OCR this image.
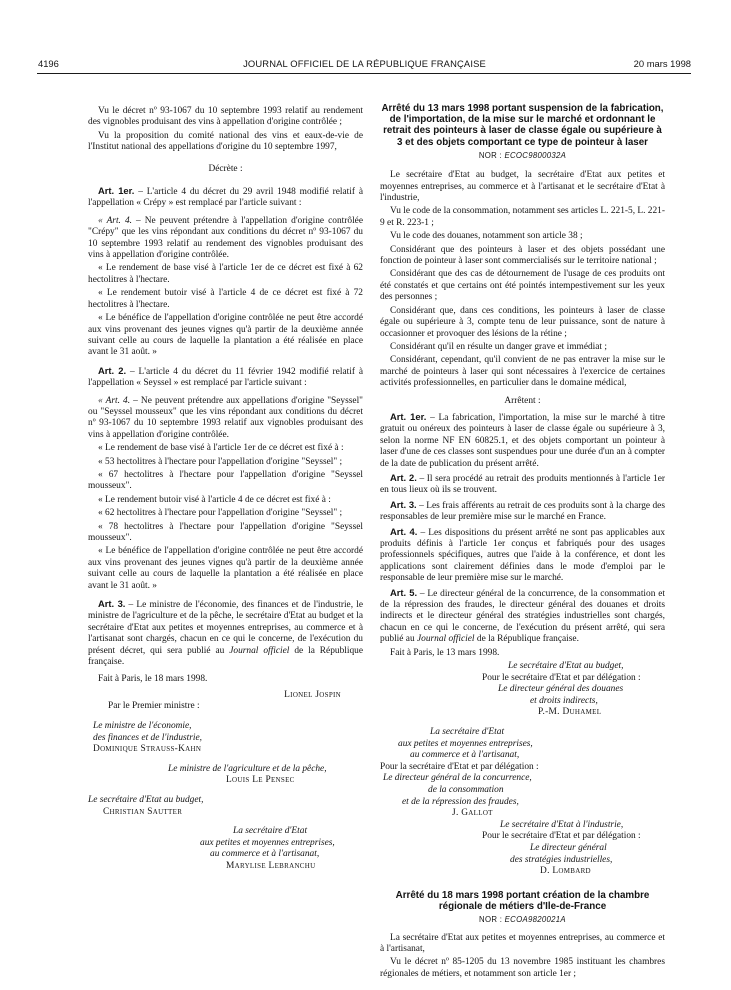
4196	JOURNAL OFFICIEL DE LA RÉPUBLIQUE FRANÇAISE	20 mars 1998

Vu le décret nº 93-1067 du 10 septembre 1993 relatif au rendement des vignobles produisant des vins à appellation d'origine contrôlée ;

Vu la proposition du comité national des vins et eaux-de-vie de l'Institut national des appellations d'origine du 10 septembre 1997,

Décrète :

Art. 1er. – L'article 4 du décret du 29 avril 1948 modifié relatif à l'appellation « Crépy » est remplacé par l'article suivant :

« Art. 4. – Ne peuvent prétendre à l'appellation d'origine contrôlée "Crépy" que les vins répondant aux conditions du décret nº 93-1067 du 10 septembre 1993 relatif au rendement des vignobles produisant des vins à appellation d'origine contrôlée.

« Le rendement de base visé à l'article 1er de ce décret est fixé à 62 hectolitres à l'hectare.

« Le rendement butoir visé à l'article 4 de ce décret est fixé à 72 hectolitres à l'hectare.

« Le bénéfice de l'appellation d'origine contrôlée ne peut être accordé aux vins provenant des jeunes vignes qu'à partir de la deuxième année suivant celle au cours de laquelle la plantation a été réalisée en place avant le 31 août. »

Art. 2. – L'article 4 du décret du 11 février 1942 modifié relatif à l'appellation « Seyssel » est remplacé par l'article suivant :

« Art. 4. – Ne peuvent prétendre aux appellations d'origine "Seyssel" ou "Seyssel mousseux" que les vins répondant aux conditions du décret nº 93-1067 du 10 septembre 1993 relatif aux vignobles produisant des vins à appellation d'origine contrôlée.

« Le rendement de base visé à l'article 1er de ce décret est fixé à :

« 53 hectolitres à l'hectare pour l'appellation d'origine "Seyssel" ;

« 67 hectolitres à l'hectare pour l'appellation d'origine "Seyssel mousseux".

« Le rendement butoir visé à l'article 4 de ce décret est fixé à :

« 62 hectolitres à l'hectare pour l'appellation d'origine "Seyssel" ;

« 78 hectolitres à l'hectare pour l'appellation d'origine "Seyssel mousseux".

« Le bénéfice de l'appellation d'origine contrôlée ne peut être accordé aux vins provenant des jeunes vignes qu'à partir de la deuxième année suivant celle au cours de laquelle la plantation a été réalisée en place avant le 31 août. »

Art. 3. – Le ministre de l'économie, des finances et de l'industrie, le ministre de l'agriculture et de la pêche, le secrétaire d'Etat au budget et la secrétaire d'Etat aux petites et moyennes entreprises, au commerce et à l'artisanat sont chargés, chacun en ce qui le concerne, de l'exécution du présent décret, qui sera publié au Journal officiel de la République française.

Fait à Paris, le 18 mars 1998.

Lionel Jospin

Par le Premier ministre :

Le ministre de l'économie,

des finances et de l'industrie,

Dominique Strauss-Kahn

Le ministre de l'agriculture et de la pêche,

Louis Le Pensec

Le secrétaire d'Etat au budget,

Christian Sautter

La secrétaire d'Etat

aux petites et moyennes entreprises,

au commerce et à l'artisanat,

Marylise Lebranchu

Arrêté du 13 mars 1998 portant suspension de la fabrication, de l'importation, de la mise sur le marché et ordonnant le retrait des pointeurs à laser de classe égale ou supérieure à 3 et des objets comportant ce type de pointeur à laser

NOR : ECOC9800032A

Le secrétaire d'Etat au budget, la secrétaire d'Etat aux petites et moyennes entreprises, au commerce et à l'artisanat et le secrétaire d'Etat à l'industrie,

Vu le code de la consommation, notamment ses articles L. 221-5, L. 221-9 et R. 223-1 ;

Vu le code des douanes, notamment son article 38 ;

Considérant que des pointeurs à laser et des objets possédant une fonction de pointeur à laser sont commercialisés sur le territoire national ;

Considérant que des cas de détournement de l'usage de ces produits ont été constatés et que certains ont été pointés intempestivement sur les yeux des personnes ;

Considérant que, dans ces conditions, les pointeurs à laser de classe égale ou supérieure à 3, compte tenu de leur puissance, sont de nature à occasionner et provoquer des lésions de la rétine ;

Considérant qu'il en résulte un danger grave et immédiat ;

Considérant, cependant, qu'il convient de ne pas entraver la mise sur le marché de pointeurs à laser qui sont nécessaires à l'exercice de certaines activités professionnelles, en particulier dans le domaine médical,

Arrêtent :

Art. 1er. – La fabrication, l'importation, la mise sur le marché à titre gratuit ou onéreux des pointeurs à laser de classe égale ou supérieure à 3, selon la norme NF EN 60825.1, et des objets comportant un pointeur à laser d'une de ces classes sont suspendues pour une durée d'un an à compter de la date de publication du présent arrêté.

Art. 2. – Il sera procédé au retrait des produits mentionnés à l'article 1er en tous lieux où ils se trouvent.

Art. 3. – Les frais afférents au retrait de ces produits sont à la charge des responsables de leur première mise sur le marché en France.

Art. 4. – Les dispositions du présent arrêté ne sont pas applicables aux produits définis à l'article 1er conçus et fabriqués pour des usages professionnels spécifiques, autres que l'aide à la conférence, et dont les applications sont clairement définies dans le mode d'emploi par le responsable de leur première mise sur le marché.

Art. 5. – Le directeur général de la concurrence, de la consommation et de la répression des fraudes, le directeur général des douanes et droits indirects et le directeur général des stratégies industrielles sont chargés, chacun en ce qui le concerne, de l'exécution du présent arrêté, qui sera publié au Journal officiel de la République française.

Fait à Paris, le 13 mars 1998.

Le secrétaire d'Etat au budget,

Pour le secrétaire d'Etat et par délégation :

Le directeur général des douanes

et droits indirects,

P.-M. Duhamel

La secrétaire d'Etat

aux petites et moyennes entreprises,

au commerce et à l'artisanat,

Pour la secrétaire d'Etat et par délégation :

Le directeur général de la concurrence,

de la consommation

et de la répression des fraudes,

J. Gallot

Le secrétaire d'Etat à l'industrie,

Pour le secrétaire d'Etat et par délégation :

Le directeur général

des stratégies industrielles,

D. Lombard

Arrêté du 18 mars 1998 portant création de la chambre régionale de métiers d'Ile-de-France

NOR : ECOA9820021A

La secrétaire d'Etat aux petites et moyennes entreprises, au commerce et à l'artisanat,

Vu le décret nº 85-1205 du 13 novembre 1985 instituant les chambres régionales de métiers, et notamment son article 1er ;
